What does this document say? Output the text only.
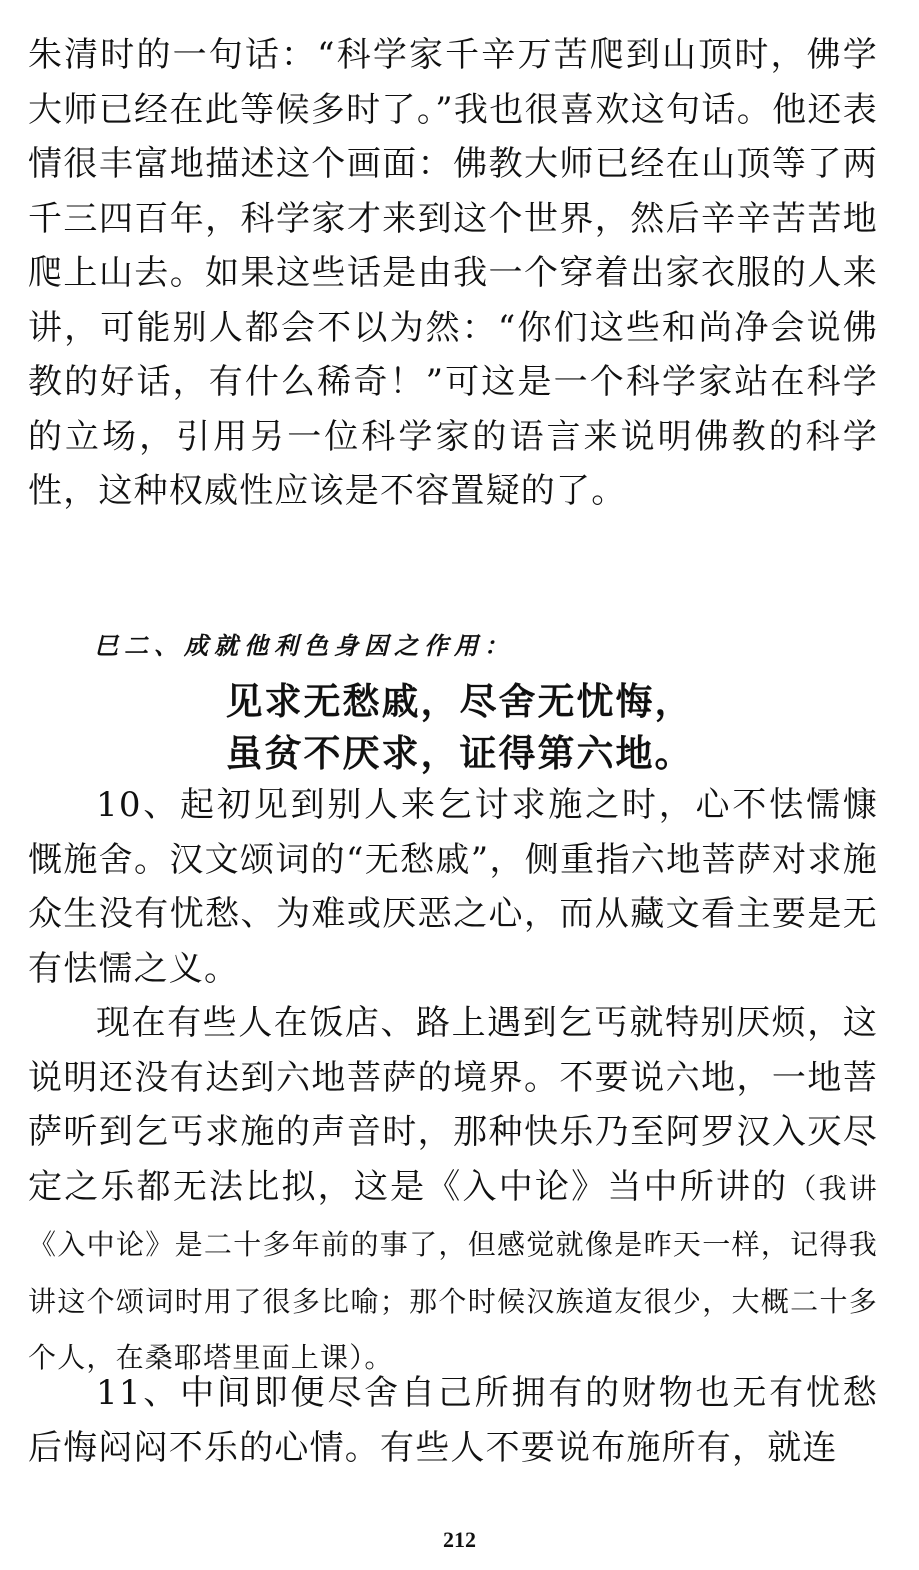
朱清时的一句话：“科学家千辛万苦爬到山顶时，佛学大师已经在此等候多时了。”我也很喜欢这句话。他还表情很丰富地描述这个画面：佛教大师已经在山顶等了两千三四百年，科学家才来到这个世界，然后辛辛苦苦地爬上山去。如果这些话是由我一个穿着出家衣服的人来讲，可能别人都会不以为然：“你们这些和尚净会说佛教的好话，有什么稀奇！”可这是一个科学家站在科学的立场，引用另一位科学家的语言来说明佛教的科学性，这种权威性应该是不容置疑的了。

巳二、成就他利色身因之作用：

见求无愁戚，尽舍无忧悔，

虽贫不厌求，证得第六地。

10、起初见到别人来乞讨求施之时，心不怯懦慷慨施舍。汉文颂词的“无愁戚”，侧重指六地菩萨对求施众生没有忧愁、为难或厌恶之心，而从藏文看主要是无有怯懦之义。

现在有些人在饭店、路上遇到乞丐就特别厌烦，这说明还没有达到六地菩萨的境界。不要说六地，一地菩萨听到乞丐求施的声音时，那种快乐乃至阿罗汉入灭尽定之乐都无法比拟，这是《入中论》当中所讲的（我讲《入中论》是二十多年前的事了，但感觉就像是昨天一样，记得我讲这个颂词时用了很多比喻；那个时候汉族道友很少，大概二十多个人，在桑耶塔里面上课）。

11、中间即便尽舍自己所拥有的财物也无有忧愁后悔闷闷不乐的心情。有些人不要说布施所有，就连

212
